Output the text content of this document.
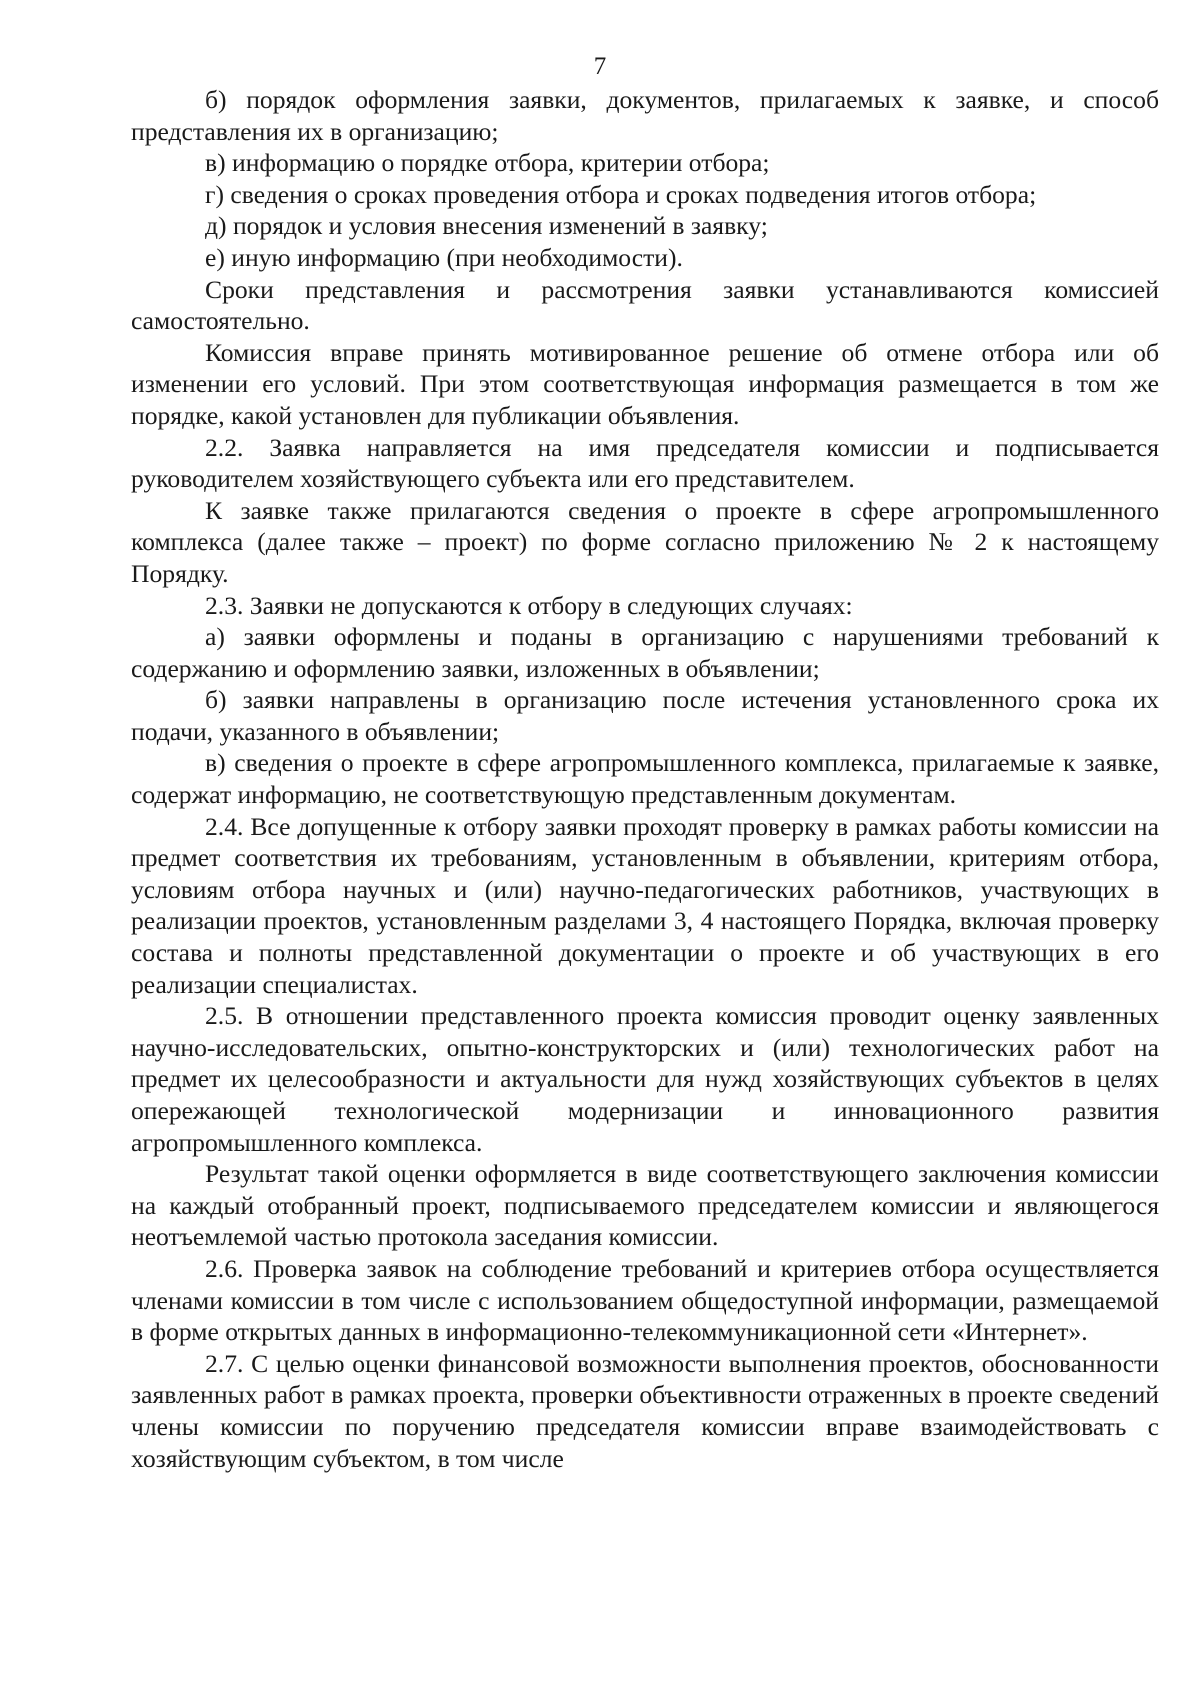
7

б) порядок оформления заявки, документов, прилагаемых к заявке, и способ представления их в организацию;

в) информацию о порядке отбора, критерии отбора;

г) сведения о сроках проведения отбора и сроках подведения итогов отбора;

д) порядок и условия внесения изменений в заявку;

е) иную информацию (при необходимости).

Сроки представления и рассмотрения заявки устанавливаются комиссией самостоятельно.

Комиссия вправе принять мотивированное решение об отмене отбора или об изменении его условий. При этом соответствующая информация размещается в том же порядке, какой установлен для публикации объявления.

2.2. Заявка направляется на имя председателя комиссии и подписывается руководителем хозяйствующего субъекта или его представителем.

К заявке также прилагаются сведения о проекте в сфере агропромышленного комплекса (далее также – проект) по форме согласно приложению № 2 к настоящему Порядку.

2.3. Заявки не допускаются к отбору в следующих случаях:

а) заявки оформлены и поданы в организацию с нарушениями требований к содержанию и оформлению заявки, изложенных в объявлении;

б) заявки направлены в организацию после истечения установленного срока их подачи, указанного в объявлении;

в) сведения о проекте в сфере агропромышленного комплекса, прилагаемые к заявке, содержат информацию, не соответствующую представленным документам.

2.4. Все допущенные к отбору заявки проходят проверку в рамках работы комиссии на предмет соответствия их требованиям, установленным в объявлении, критериям отбора, условиям отбора научных и (или) научно-педагогических работников, участвующих в реализации проектов, установленным разделами 3, 4 настоящего Порядка, включая проверку состава и полноты представленной документации о проекте и об участвующих в его реализации специалистах.

2.5. В отношении представленного проекта комиссия проводит оценку заявленных научно-исследовательских, опытно-конструкторских и (или) технологических работ на предмет их целесообразности и актуальности для нужд хозяйствующих субъектов в целях опережающей технологической модернизации и инновационного развития агропромышленного комплекса.

Результат такой оценки оформляется в виде соответствующего заключения комиссии на каждый отобранный проект, подписываемого председателем комиссии и являющегося неотъемлемой частью протокола заседания комиссии.

2.6. Проверка заявок на соблюдение требований и критериев отбора осуществляется членами комиссии в том числе с использованием общедоступной информации, размещаемой в форме открытых данных в информационно-телекоммуникационной сети «Интернет».

2.7. С целью оценки финансовой возможности выполнения проектов, обоснованности заявленных работ в рамках проекта, проверки объективности отраженных в проекте сведений члены комиссии по поручению председателя комиссии вправе взаимодействовать с хозяйствующим субъектом, в том числе
